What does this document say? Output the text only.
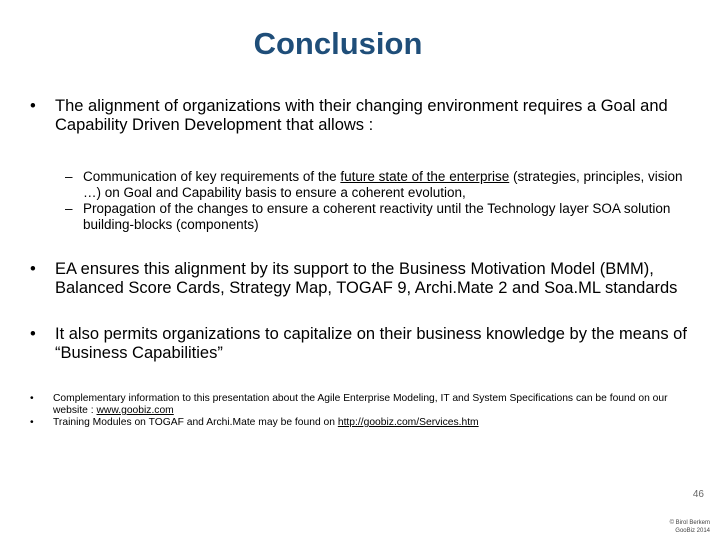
Conclusion
•	The alignment of organizations with their changing environment requires a Goal and Capability Driven Development that allows :
– Communication of key requirements of the future state of the enterprise (strategies, principles, vision …) on Goal and Capability basis to ensure a coherent evolution,
– Propagation of the changes to ensure a coherent reactivity until the Technology layer SOA solution building-blocks (components)
•	EA ensures this alignment by its support to the Business Motivation Model (BMM), Balanced Score Cards, Strategy Map, TOGAF 9, Archi.Mate 2 and Soa.ML standards
•	It also permits organizations to capitalize on their business knowledge by the means of “Business Capabilities”
•	Complementary information to this presentation about the Agile Enterprise Modeling, IT and System Specifications can be found on our website : www.goobiz.com
•	Training Modules on TOGAF and Archi.Mate may be found on http://goobiz.com/Services.htm
46
© Birol Berkem
GooBiz 2014
